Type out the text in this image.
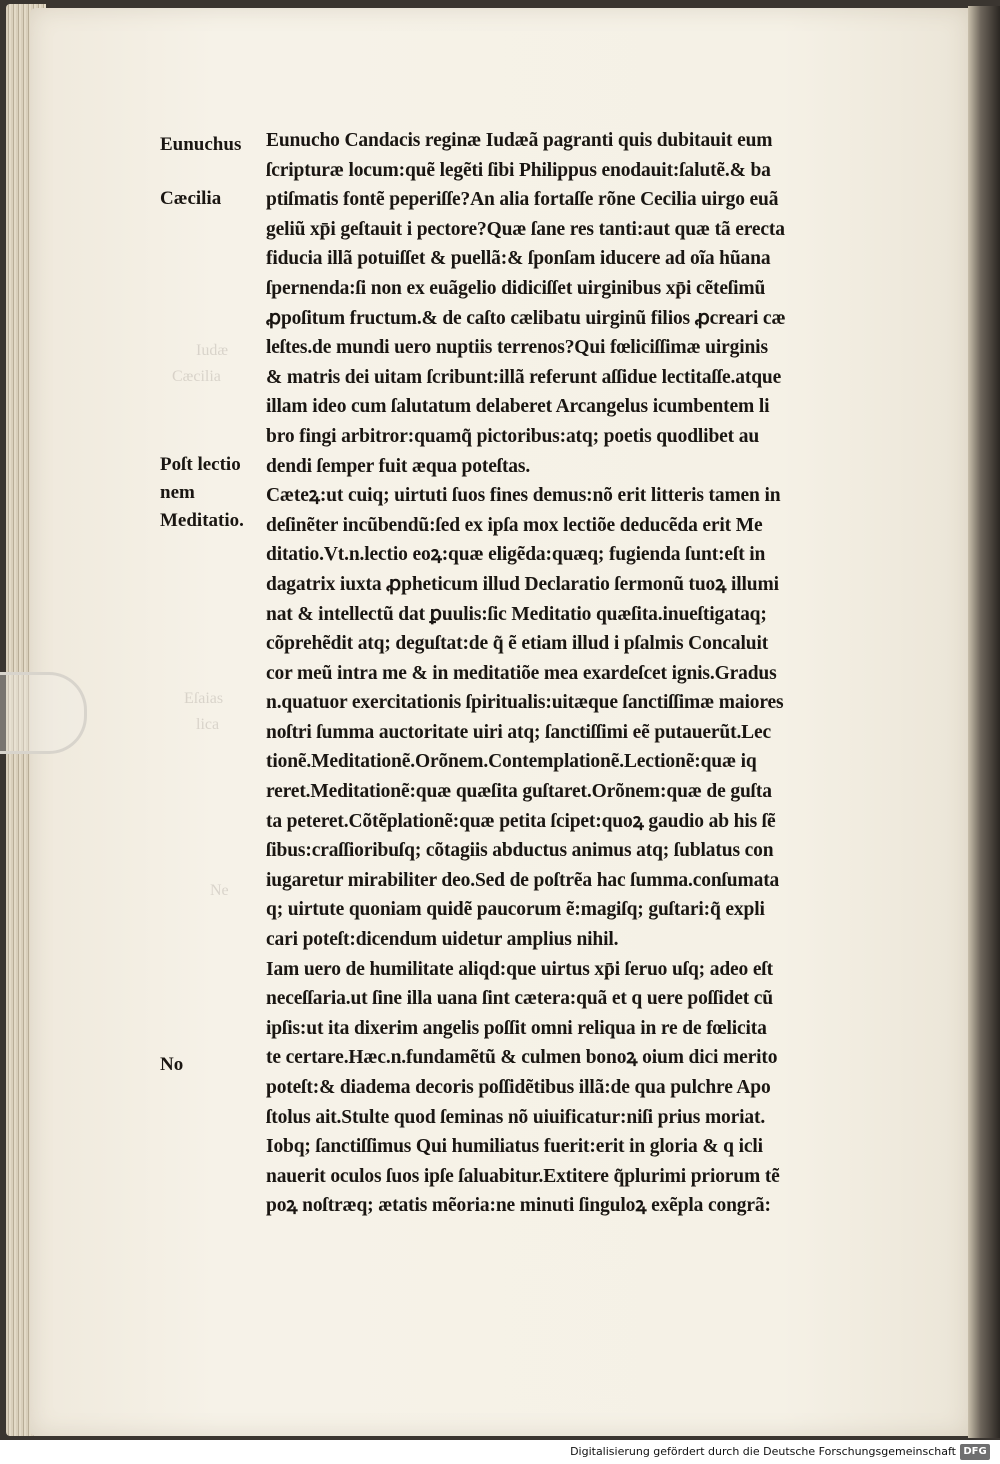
Iudæ
Cæcilia
Eſaias
lica
Ne
Eunuchus
Cæcilia
Poſt lectio
nem
Meditatio.
No
Eunucho Candacis reginæ Iudæã pagranti quis dubitauit eum
ſcripturæ locum:quẽ legẽti ſibi Philippus enodauit:ſalutẽ.& ba
ptiſmatis fontẽ peperiſſe?An alia fortaſſe rõne Cecilia uirgo euã
geliũ xp̄i geſtauit i pectore?Quæ ſane res tanti:aut quæ tã erecta
fiducia illã potuiſſet & puellã:& ſponſam iducere ad oĩa hũana
ſpernenda:ſi non ex euãgelio didiciſſet uirginibus xp̄i cẽteſimũ
ꝓpoſitum fructum.& de caſto cælibatu uirginũ filios ꝓcreari cæ
leſtes.de mundi uero nuptiis terrenos?Qui fœliciſſimæ uirginis
& matris dei uitam ſcribunt:illã referunt aſſidue lectitaſſe.atque
illam ideo cum ſalutatum delaberet Arcangelus icumbentem li
bro fingi arbitror:quamq̃ pictoribus:atq; poetis quodlibet au
dendi ſemper fuit æqua poteſtas.
Cæteꝝ:ut cuiq; uirtuti ſuos fines demus:nõ erit litteris tamen in
deſinẽter incũbendũ:ſed ex ipſa mox lectiõe deducẽda erit Me
ditatio.Vt.n.lectio eoꝝ:quæ eligẽda:quæq; fugienda ſunt:eſt in
dagatrix iuxta ꝓpheticum illud Declaratio ſermonũ tuoꝝ illumi
nat & intellectũ dat ꝑuulis:ſic Meditatio quæſita.inueſtigataq;
cõprehẽdit atq; deguſtat:de q̃ ẽ etiam illud i pſalmis Concaluit
cor meũ intra me & in meditatiõe mea exardeſcet ignis.Gradus
n.quatuor exercitationis ſpiritualis:uitæque ſanctiſſimæ maiores
noſtri ſumma auctoritate uiri atq; ſanctiſſimi eẽ putauerũt.Lec
tionẽ.Meditationẽ.Orõnem.Contemplationẽ.Lectionẽ:quæ iq
reret.Meditationẽ:quæ quæſita guſtaret.Orõnem:quæ de guſta
ta peteret.Cõtẽplationẽ:quæ petita ſcipet:quoꝝ gaudio ab his ſẽ
ſibus:craſſioribuſq; cõtagiis abductus animus atq; ſublatus con
iugaretur mirabiliter deo.Sed de poſtrẽa hac ſumma.conſumata
q; uirtute quoniam quidẽ paucorum ẽ:magiſq; guſtari:q̃ expli
cari poteſt:dicendum uidetur amplius nihil.
Iam uero de humilitate aliqd:que uirtus xp̄i ſeruo uſq; adeo eſt
neceſſaria.ut ſine illa uana ſint cætera:quã et q uere poſſidet cũ
ipſis:ut ita dixerim angelis poſſit omni reliqua in re de fœlicita
te certare.Hæc.n.fundamẽtũ & culmen bonoꝝ oium dici merito
poteſt:& diadema decoris poſſidẽtibus illã:de qua pulchre Apo
ſtolus ait.Stulte quod ſeminas nõ uiuificatur:niſi prius moriat.
Iobq; ſanctiſſimus Qui humiliatus fuerit:erit in gloria & q icli
nauerit oculos ſuos ipſe ſaluabitur.Extitere q̃plurimi priorum tẽ
poꝝ noſtræq; ætatis mẽoria:ne minuti ſinguloꝝ exẽpla congrã:
Digitalisierung gefördert durch die Deutsche Forschungsgemeinschaft DFG
